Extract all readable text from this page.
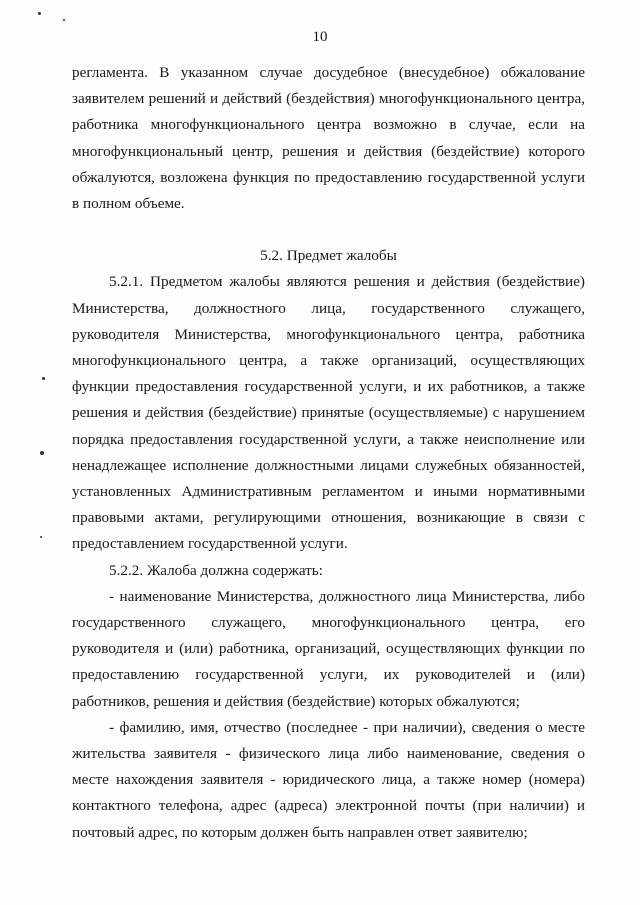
10

регламента. В указанном случае досудебное (внесудебное) обжалование заявителем решений и действий (бездействия) многофункционального центра, работника многофункционального центра возможно в случае, если на многофункциональный центр, решения и действия (бездействие) которого обжалуются, возложена функция по предоставлению государственной услуги в полном объеме.

5.2. Предмет жалобы

5.2.1. Предметом жалобы являются решения и действия (бездействие) Министерства, должностного лица, государственного служащего, руководителя Министерства, многофункционального центра, работника многофункционального центра, а также организаций, осуществляющих функции предоставления государственной услуги, и их работников, а также решения и действия (бездействие) принятые (осуществляемые) с нарушением порядка предоставления государственной услуги, а также неисполнение или ненадлежащее исполнение должностными лицами служебных обязанностей, установленных Административным регламентом и иными нормативными правовыми актами, регулирующими отношения, возникающие в связи с предоставлением государственной услуги.

5.2.2. Жалоба должна содержать:

- наименование Министерства, должностного лица Министерства, либо государственного служащего, многофункционального центра, его руководителя и (или) работника, организаций, осуществляющих функции по предоставлению государственной услуги, их руководителей и (или) работников, решения и действия (бездействие) которых обжалуются;

- фамилию, имя, отчество (последнее - при наличии), сведения о месте жительства заявителя - физического лица либо наименование, сведения о месте нахождения заявителя - юридического лица, а также номер (номера) контактного телефона, адрес (адреса) электронной почты (при наличии) и почтовый адрес, по которым должен быть направлен ответ заявителю;
